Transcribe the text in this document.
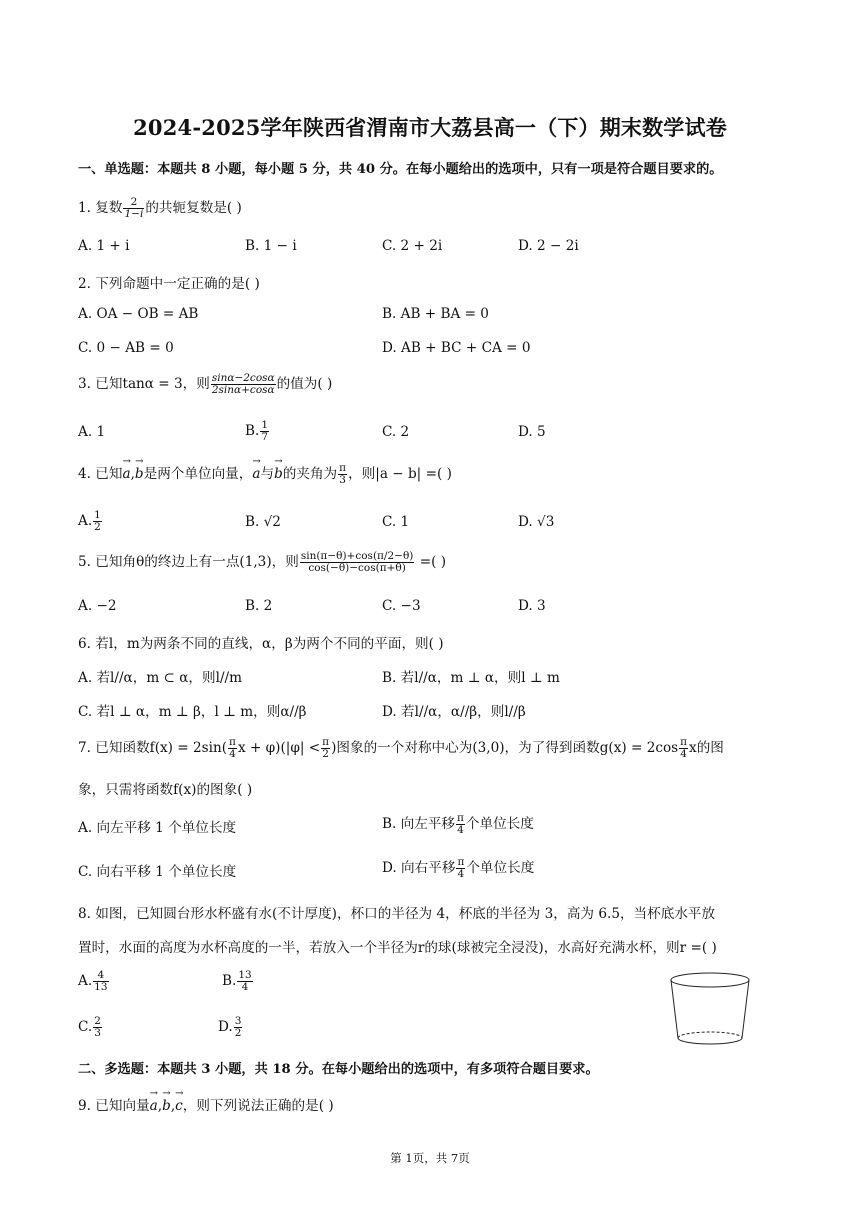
2024-2025学年陕西省渭南市大荔县高一（下）期末数学试卷
一、单选题：本题共 8 小题，每小题 5 分，共 40 分。在每小题给出的选项中，只有一项是符合题目要求的。
1. 复数 $\frac{2}{1-i}$ 的共轭复数是( )
A. 1 + i	B. 1 − i	C. 2 + 2i	D. 2 − 2i
2. 下列命题中一定正确的是( )
A. OA − OB = AB	B. AB + BA = 0
C. 0 − AB = 0	D. AB + BC + CA = 0
3. 已知tanα = 3，则 $\frac{\sin\alpha-2\cos\alpha}{2\sin\alpha+\cos\alpha}$ 的值为( )
A. 1	B. $\frac{1}{7}$	C. 2	D. 5
4. 已知→ a,→ b是两个单位向量，→ a与→ b的夹角为 $\frac{\pi}{3}$ ，则|a − b| =( )
A. $\frac{1}{2}$	B. √2	C. 1	D. √3
5. 已知角θ的终边上有一点(1,3)，则 $\frac{\sin(\pi-\theta)+\cos(\pi/2-\theta)}{\cos(-\theta)-\cos(\pi+\theta)}$ =( )
A. −2	B. 2	C. −3	D. 3
6. 若l，m为两条不同的直线，α，β为两个不同的平面，则( )
A. 若l//α，m ⊂ α，则l//m	B. 若l//α，m ⊥ α，则l ⊥ m
C. 若l ⊥ α，m ⊥ β，l ⊥ m，则α//β	D. 若l//α，α//β，则l//β
7. 已知函数$f(x) = 2\sin( \frac{\pi}{4}$ $x + \varphi)(|\varphi| < \frac{\pi}{2}$ )图象的一个对称中心为(3,0)，为了得到函数$g(x) = 2\cos \frac{\pi}{4}$ x的图
象，只需将函数f(x)的图象( )
A. 向左平移 1 个单位长度	B. 向左平移 $\frac{\pi}{4}$ 个单位长度
C. 向右平移 1 个单位长度	D. 向右平移 $\frac{\pi}{4}$ 个单位长度
8. 如图，已知圆台形水杯盛有水(不计厚度)，杯口的半径为 4，杯底的半径为 3，高为 6.5，当杯底水平放
置时，水面的高度为水杯高度的一半，若放入一个半径为r的球(球被完全浸没)，水高好充满水杯，则r =( )
A. $\frac{4}{13}$	B. $\frac{13}{4}$
C. $\frac{2}{3}$	D. $\frac{3}{2}$
二、多选题：本题共 3 小题，共 18 分。在每小题给出的选项中，有多项符合题目要求。
9. 已知向量→ a,→ b,→ c，则下列说法正确的是( )
第 1页，共 7页
